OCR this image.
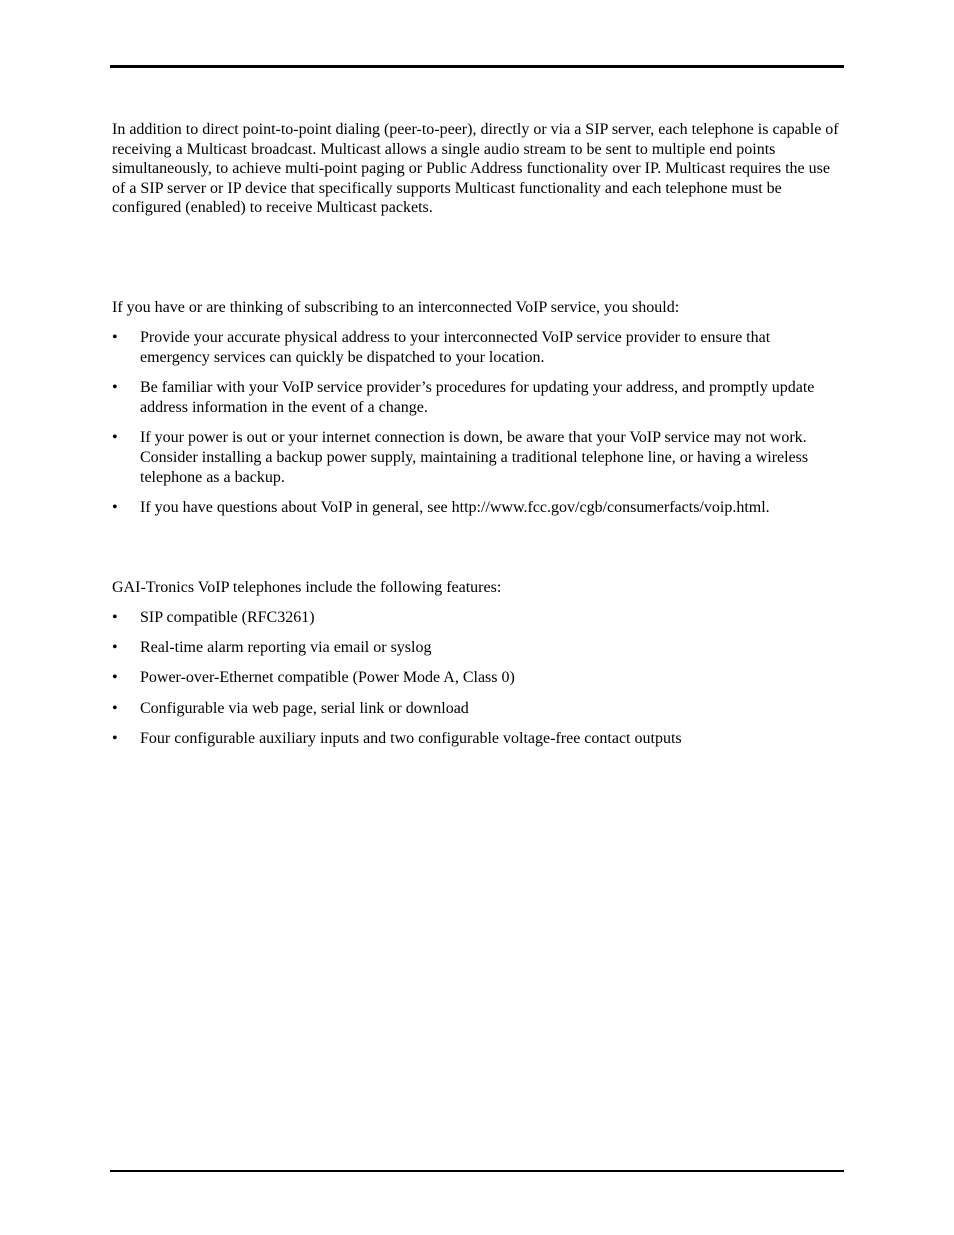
In addition to direct point-to-point dialing (peer-to-peer), directly or via a SIP server, each telephone is capable of receiving a Multicast broadcast. Multicast allows a single audio stream to be sent to multiple end points simultaneously, to achieve multi-point paging or Public Address functionality over IP. Multicast requires the use of a SIP server or IP device that specifically supports Multicast functionality and each telephone must be configured (enabled) to receive Multicast packets.

If you have or are thinking of subscribing to an interconnected VoIP service, you should:

• Provide your accurate physical address to your interconnected VoIP service provider to ensure that emergency services can quickly be dispatched to your location.
• Be familiar with your VoIP service provider’s procedures for updating your address, and promptly update address information in the event of a change.
• If your power is out or your internet connection is down, be aware that your VoIP service may not work. Consider installing a backup power supply, maintaining a traditional telephone line, or having a wireless telephone as a backup.
• If you have questions about VoIP in general, see http://www.fcc.gov/cgb/consumerfacts/voip.html.

GAI-Tronics VoIP telephones include the following features:

• SIP compatible (RFC3261)
• Real-time alarm reporting via email or syslog
• Power-over-Ethernet compatible (Power Mode A, Class 0)
• Configurable via web page, serial link or download
• Four configurable auxiliary inputs and two configurable voltage-free contact outputs
